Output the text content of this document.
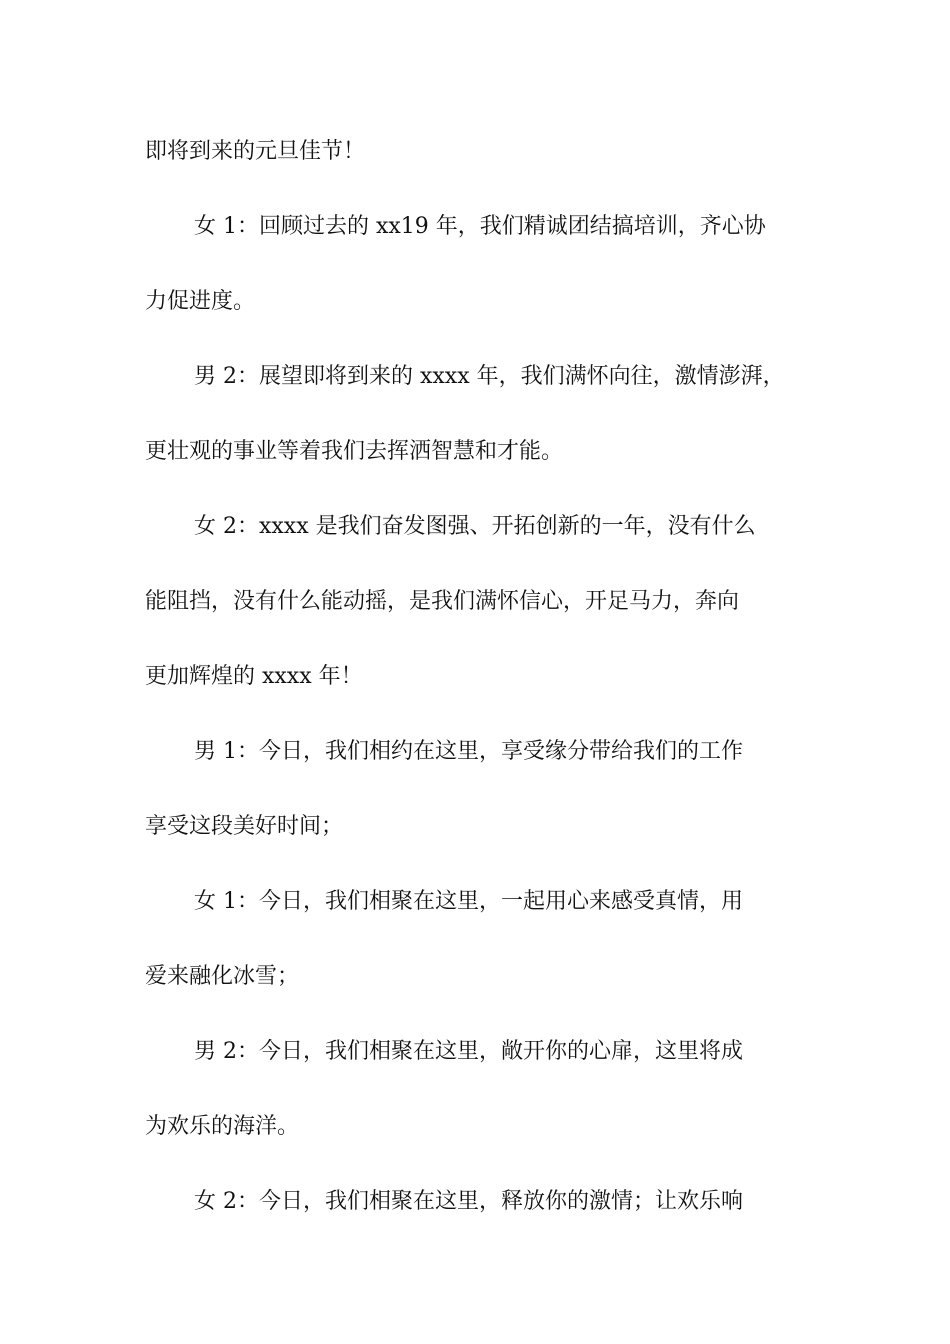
即将到来的元旦佳节！

女 1：回顾过去的 xx19 年，我们精诚团结搞培训，齐心协

力促进度。

男 2：展望即将到来的 xxxx 年，我们满怀向往，激情澎湃，

更壮观的事业等着我们去挥洒智慧和才能。

女 2：xxxx 是我们奋发图强、开拓创新的一年，没有什么

能阻挡，没有什么能动摇，是我们满怀信心，开足马力，奔向

更加辉煌的 xxxx 年！

男 1：今日，我们相约在这里，享受缘分带给我们的工作

享受这段美好时间；

女 1：今日，我们相聚在这里，一起用心来感受真情，用

爱来融化冰雪；

男 2：今日，我们相聚在这里，敞开你的心扉，这里将成

为欢乐的海洋。

女 2：今日，我们相聚在这里，释放你的激情；让欢乐响
